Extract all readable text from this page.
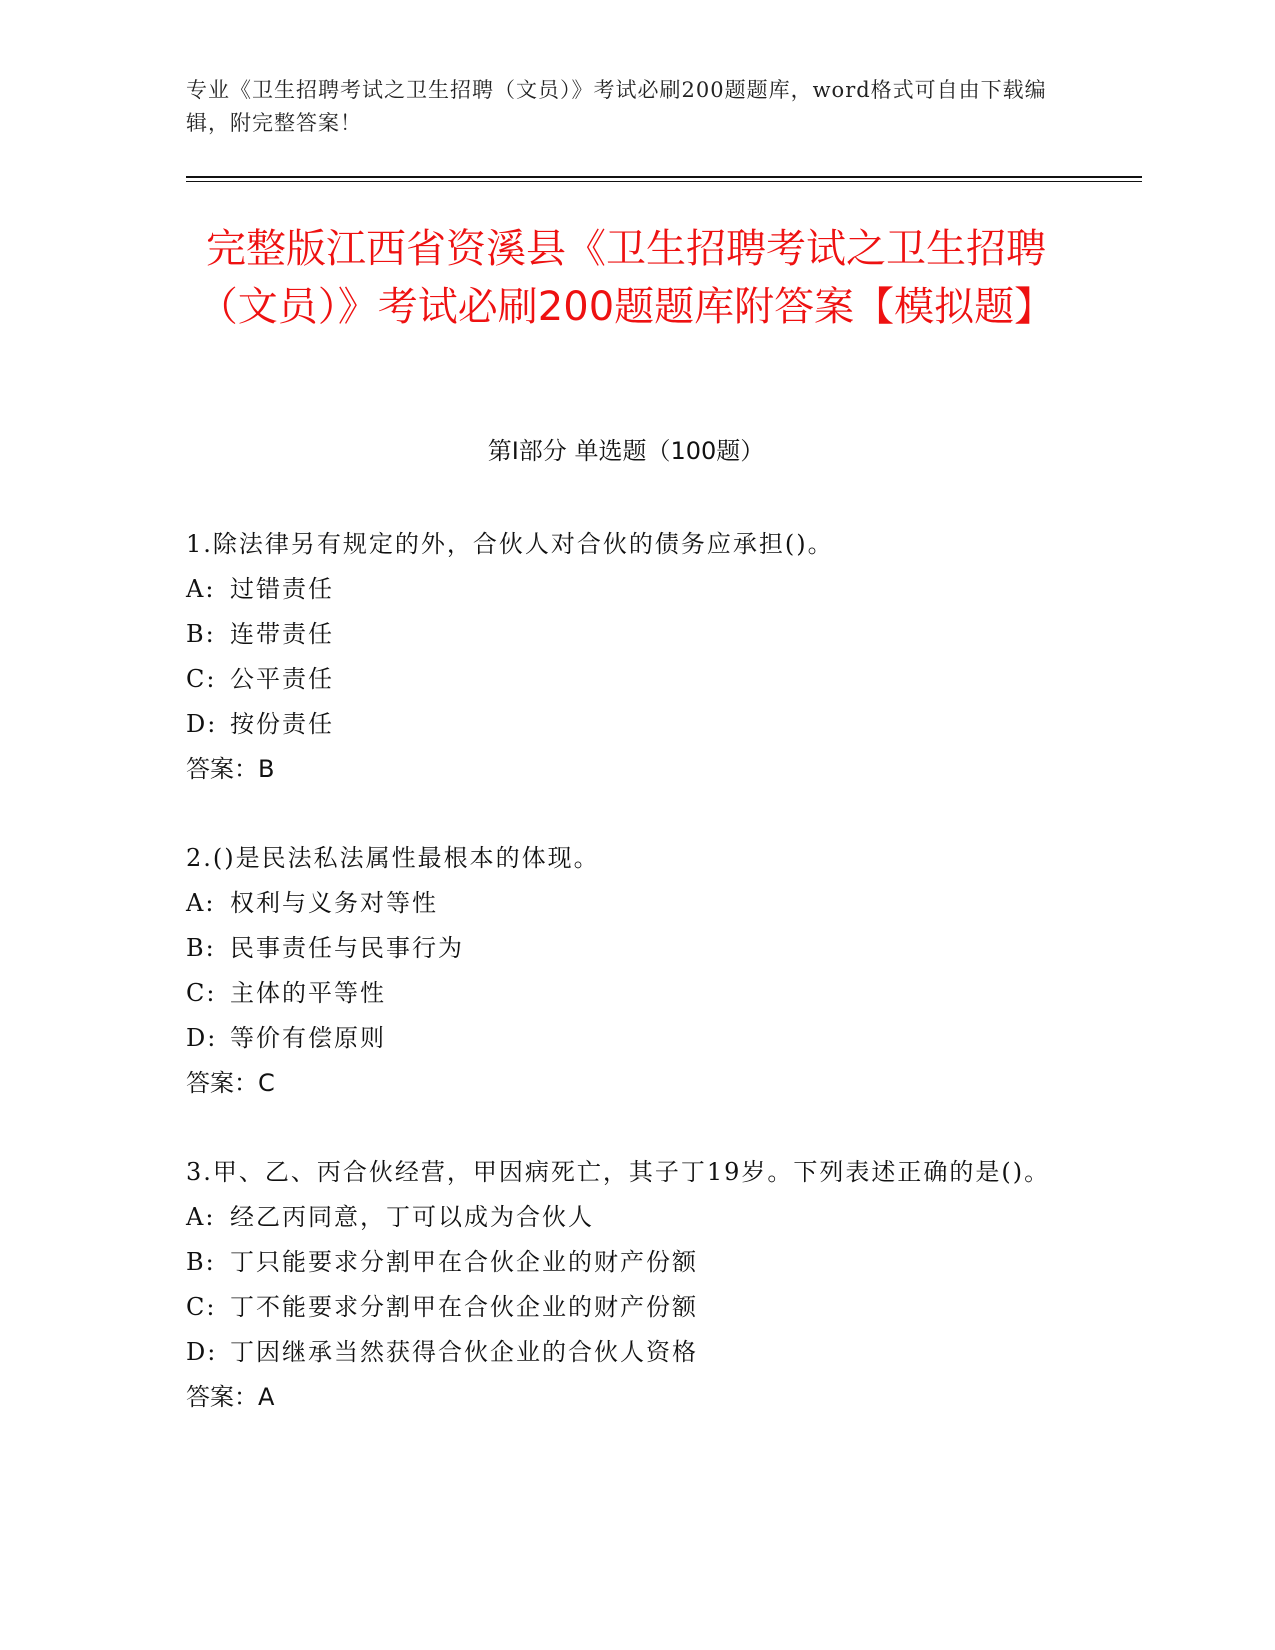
专业《卫生招聘考试之卫生招聘（文员）》考试必刷200题题库，word格式可自由下载编辑，附完整答案！
完整版江西省资溪县《卫生招聘考试之卫生招聘（文员）》考试必刷200题题库附答案【模拟题】
第I部分 单选题（100题）
1.除法律另有规定的外，合伙人对合伙的债务应承担()。
A: 过错责任
B: 连带责任
C: 公平责任
D: 按份责任
答案：B
2.()是民法私法属性最根本的体现。
A: 权利与义务对等性
B: 民事责任与民事行为
C: 主体的平等性
D: 等价有偿原则
答案：C
3.甲、乙、丙合伙经营，甲因病死亡，其子丁19岁。下列表述正确的是()。
A: 经乙丙同意，丁可以成为合伙人
B: 丁只能要求分割甲在合伙企业的财产份额
C: 丁不能要求分割甲在合伙企业的财产份额
D: 丁因继承当然获得合伙企业的合伙人资格
答案：A
